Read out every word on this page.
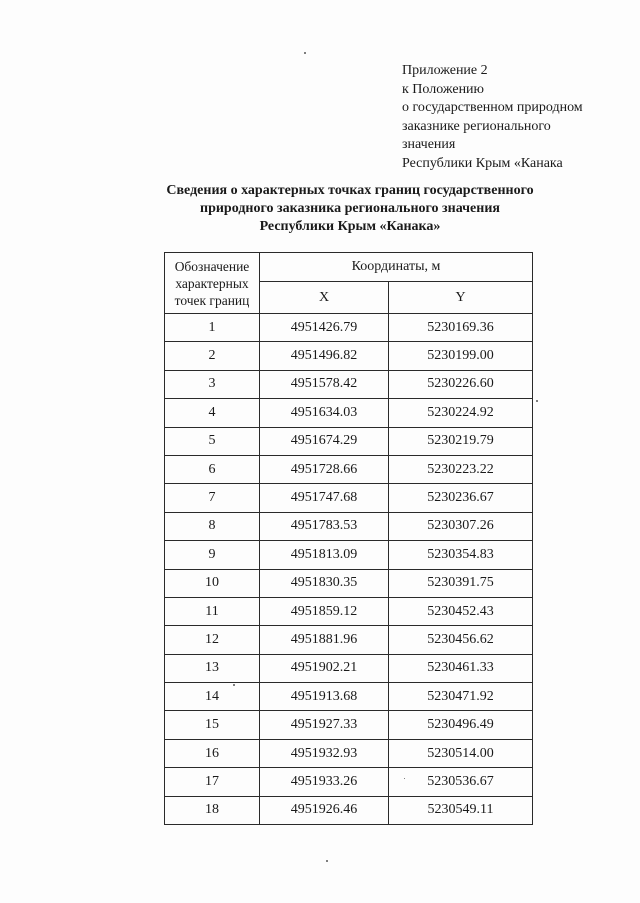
Приложение 2
к Положению
о государственном природном
заказнике регионального
значения
Республики Крым «Канака
Сведения о характерных точках границ государственного
природного заказника регионального значения
Республики Крым «Канака»
Обозначение характерных точек границ	Координаты, м	
	X	Y
1	4951426.79	5230169.36
2	4951496.82	5230199.00
3	4951578.42	5230226.60
4	4951634.03	5230224.92
5	4951674.29	5230219.79
6	4951728.66	5230223.22
7	4951747.68	5230236.67
8	4951783.53	5230307.26
9	4951813.09	5230354.83
10	4951830.35	5230391.75
11	4951859.12	5230452.43
12	4951881.96	5230456.62
13	4951902.21	5230461.33
14	4951913.68	5230471.92
15	4951927.33	5230496.49
16	4951932.93	5230514.00
17	4951933.26	5230536.67
18	4951926.46	5230549.11
